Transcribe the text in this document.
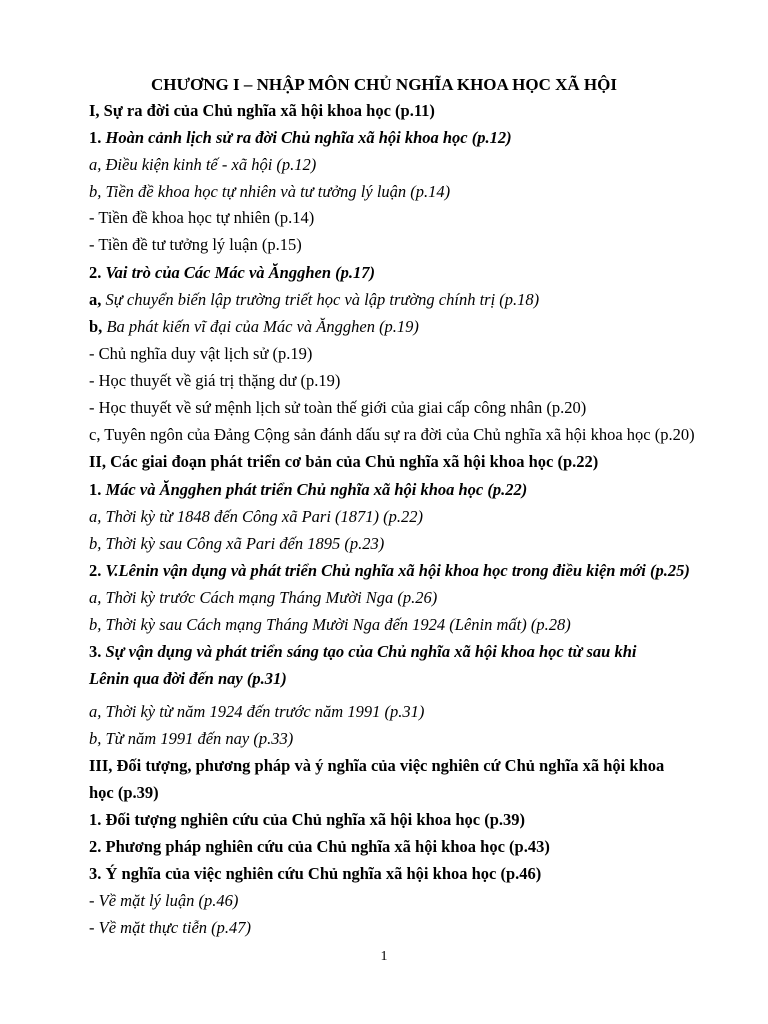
CHƯƠNG I – NHẬP MÔN CHỦ NGHĨA KHOA HỌC XÃ HỘI
I, Sự ra đời của Chủ nghĩa xã hội khoa học (p.11)
1. Hoàn cảnh lịch sử ra đời Chủ nghĩa xã hội khoa học (p.12)
a, Điều kiện kinh tế - xã hội (p.12)
b, Tiền đề khoa học tự nhiên và tư tưởng lý luận (p.14)
- Tiền đề khoa học tự nhiên (p.14)
- Tiền đề tư tưởng lý luận (p.15)
2. Vai trò của Các Mác và Ăngghen (p.17)
a, Sự chuyển biến lập trường triết học và lập trường chính trị (p.18)
b, Ba phát kiến vĩ đại của Mác và Ăngghen (p.19)
- Chủ nghĩa duy vật lịch sử (p.19)
- Học thuyết về giá trị thặng dư (p.19)
- Học thuyết về sứ mệnh lịch sử toàn thế giới của giai cấp công nhân (p.20)
c, Tuyên ngôn của Đảng Cộng sản đánh dấu sự ra đời của Chủ nghĩa xã hội khoa học (p.20)
II, Các giai đoạn phát triển cơ bản của Chủ nghĩa xã hội khoa học (p.22)
1. Mác và Ăngghen phát triển Chủ nghĩa xã hội khoa học (p.22)
a, Thời kỳ từ 1848 đến Công xã Pari (1871) (p.22)
b, Thời kỳ sau Công xã Pari đến 1895 (p.23)
2. V.Lênin vận dụng và phát triển Chủ nghĩa xã hội khoa học trong điều kiện mới (p.25)
a, Thời kỳ trước Cách mạng Tháng Mười Nga (p.26)
b, Thời kỳ sau Cách mạng Tháng Mười Nga đến 1924 (Lênin mất) (p.28)
3. Sự vận dụng và phát triển sáng tạo của Chủ nghĩa xã hội khoa học từ sau khi
Lênin qua đời đến nay (p.31)
a, Thời kỳ từ năm 1924 đến trước năm 1991 (p.31)
b, Từ năm 1991 đến nay (p.33)
III, Đối tượng, phương pháp và ý nghĩa của việc nghiên cứ Chủ nghĩa xã hội khoa
học (p.39)
1. Đối tượng nghiên cứu của Chủ nghĩa xã hội khoa học (p.39)
2. Phương pháp nghiên cứu của Chủ nghĩa xã hội khoa học (p.43)
3. Ý nghĩa của việc nghiên cứu Chủ nghĩa xã hội khoa học (p.46)
- Về mặt lý luận (p.46)
- Về mặt thực tiễn (p.47)
1
